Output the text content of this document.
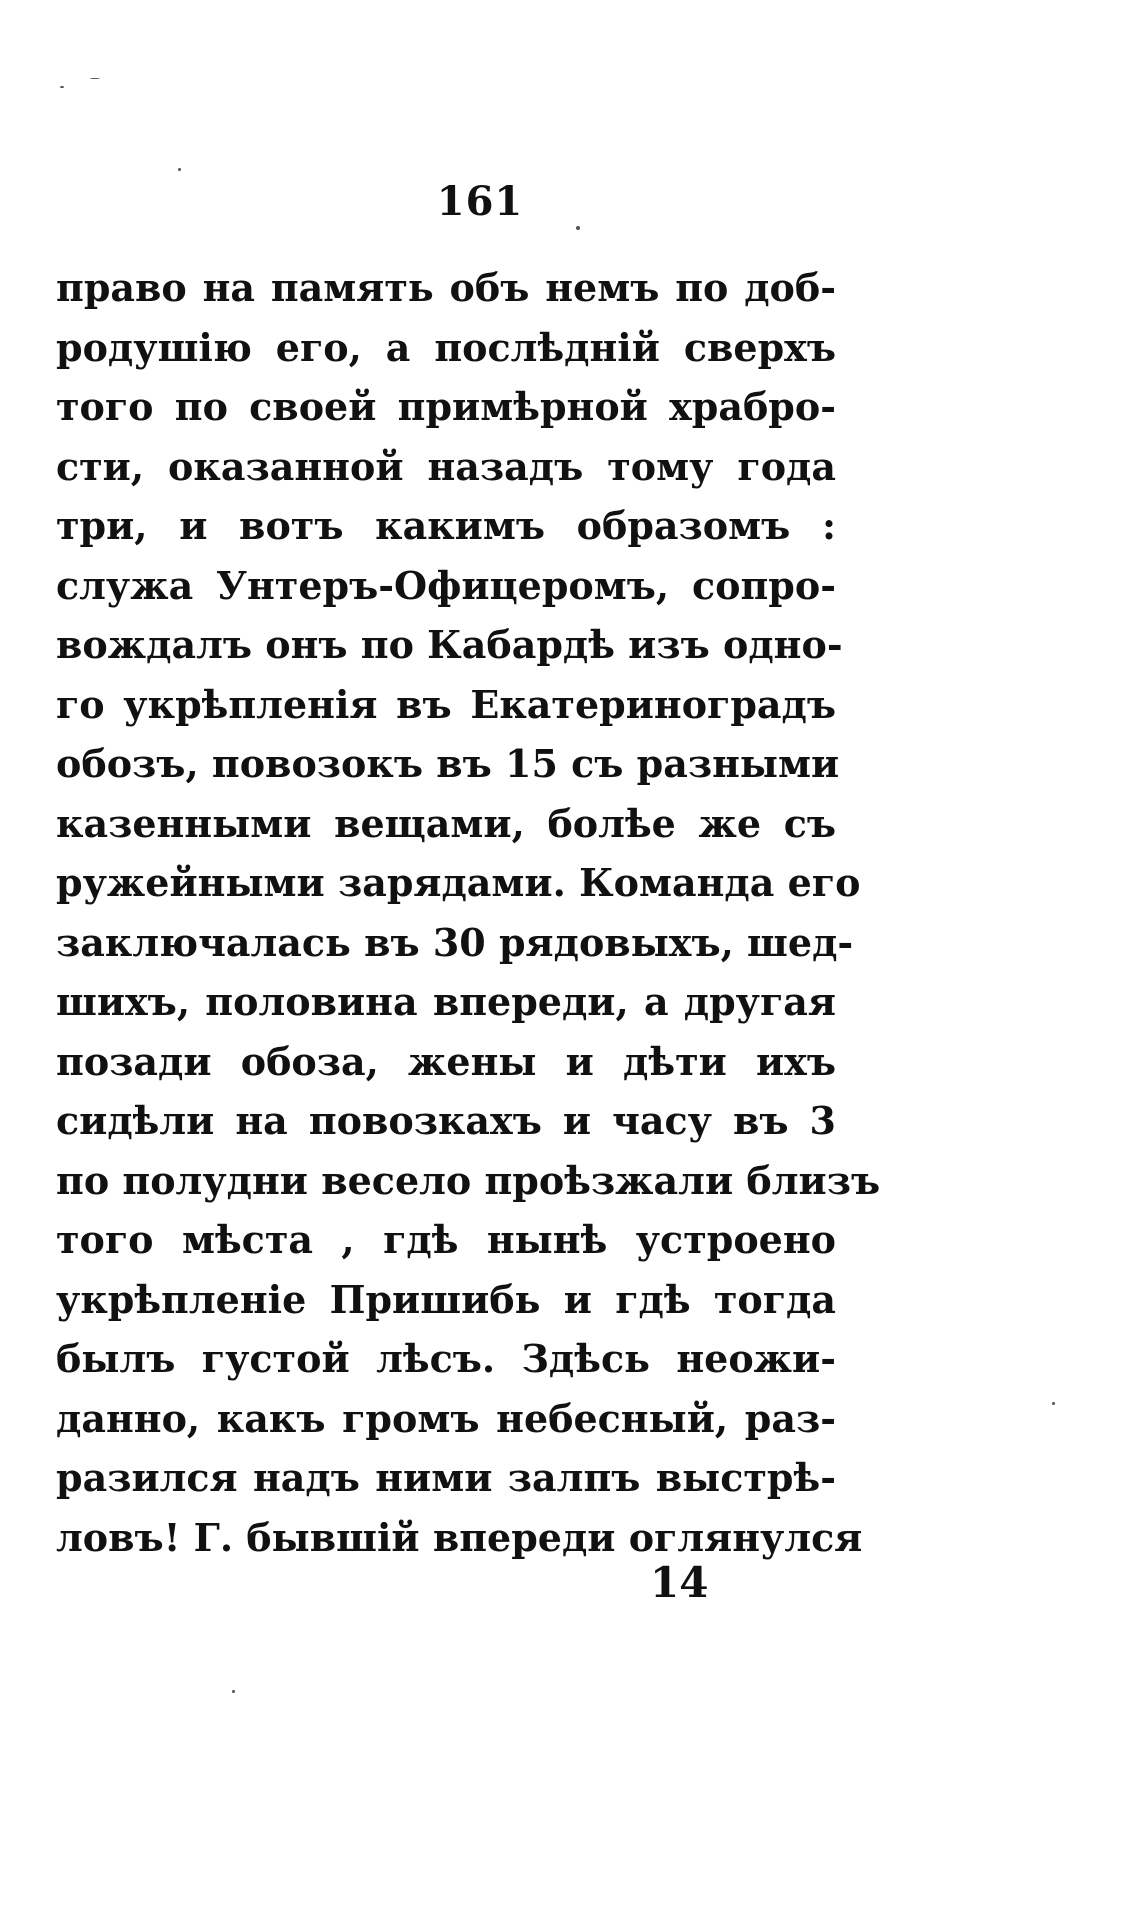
161
право на память объ немъ по доб-
родушію его, а послѣдній сверхъ
того по своей примѣрной храбро-
сти, оказанной назадъ тому года
три, и вотъ какимъ образомъ :
служа Унтеръ-Офицеромъ, сопро-
вождалъ онъ по Кабардѣ изъ одно-
го укрѣпленія въ Екатериноградъ
обозъ, повозокъ въ 15 съ разными
казенными вещами, болѣе же съ
ружейными зарядами. Команда его
заключалась въ 30 рядовыхъ, шед-
шихъ, половина впереди, а другая
позади обоза, жены и дѣти ихъ
сидѣли на повозкахъ и часу въ 3
по полудни весело проѣзжали близъ
того мѣста , гдѣ нынѣ устроено
укрѣпленіе Пришибь и гдѣ тогда
былъ густой лѣсъ. Здѣсь неожи-
данно, какъ громъ небесный, раз-
разился надъ ними залпъ выстрѣ-
ловъ! Г. бывшій впереди оглянулся
14
